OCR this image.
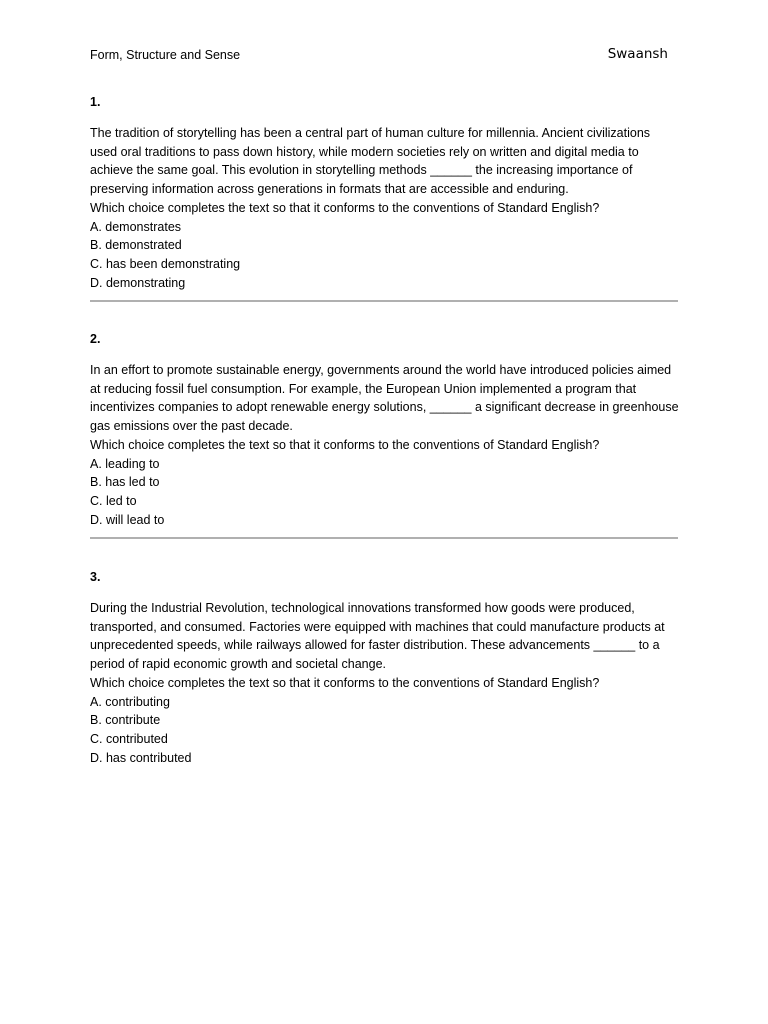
Form, Structure and Sense	Swaansh

1.

The tradition of storytelling has been a central part of human culture for millennia. Ancient civilizations used oral traditions to pass down history, while modern societies rely on written and digital media to achieve the same goal. This evolution in storytelling methods ______ the increasing importance of preserving information across generations in formats that are accessible and enduring.

Which choice completes the text so that it conforms to the conventions of Standard English?

A. demonstrates
B. demonstrated
C. has been demonstrating
D. demonstrating

2.

In an effort to promote sustainable energy, governments around the world have introduced policies aimed at reducing fossil fuel consumption. For example, the European Union implemented a program that incentivizes companies to adopt renewable energy solutions, ______ a significant decrease in greenhouse gas emissions over the past decade.

Which choice completes the text so that it conforms to the conventions of Standard English?

A. leading to
B. has led to
C. led to
D. will lead to

3.

During the Industrial Revolution, technological innovations transformed how goods were produced, transported, and consumed. Factories were equipped with machines that could manufacture products at unprecedented speeds, while railways allowed for faster distribution. These advancements ______ to a period of rapid economic growth and societal change.

Which choice completes the text so that it conforms to the conventions of Standard English?

A. contributing
B. contribute
C. contributed
D. has contributed
